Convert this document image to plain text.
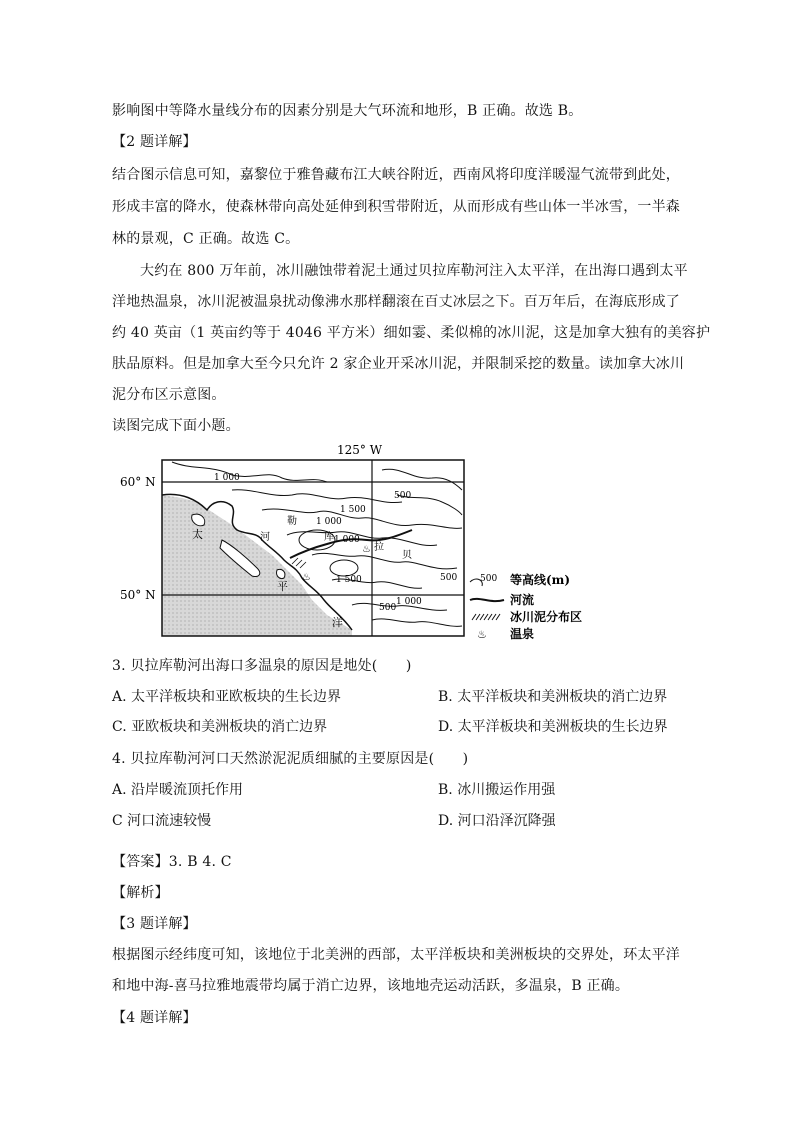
影响图中等降水量线分布的因素分别是大气环流和地形，B 正确。故选 B。
【2 题详解】
结合图示信息可知，嘉黎位于雅鲁藏布江大峡谷附近，西南风将印度洋暖湿气流带到此处，
形成丰富的降水，使森林带向高处延伸到积雪带附近，从而形成有些山体一半冰雪，一半森
林的景观，C 正确。故选 C。
大约在 800 万年前，冰川融蚀带着泥土通过贝拉库勒河注入太平洋，在出海口遇到太平
洋地热温泉，冰川泥被温泉扰动像沸水那样翻滚在百丈冰层之下。百万年后，在海底形成了
约 40 英亩（1 英亩约等于 4046 平方米）细如霎、柔似棉的冰川泥，这是加拿大独有的美容护
肤品原料。但是加拿大至今只允许 2 家企业开采冰川泥，并限制采挖的数量。读加拿大冰川
泥分布区示意图。
读图完成下面小题。
♨
♨
125° W
60° N
50° N
1 000
500
1 500
1 000
1 000
1 500
500
1 000
500
太
平
洋
河
勒
库
拉
贝
500 等高线(m)
河流
冰川泥分布区
♨ 温泉
3. 贝拉库勒河出海口多温泉的原因是地处(　　)
A. 太平洋板块和亚欧板块的生长边界	B. 太平洋板块和美洲板块的消亡边界
C. 亚欧板块和美洲板块的消亡边界	D. 太平洋板块和美洲板块的生长边界
4. 贝拉库勒河河口天然淤泥泥质细腻的主要原因是(　　)
A. 沿岸暖流顶托作用	B. 冰川搬运作用强
C 河口流速较慢	D. 河口沿泽沉降强
【答案】3. B 4. C
【解析】
【3 题详解】
根据图示经纬度可知，该地位于北美洲的西部，太平洋板块和美洲板块的交界处，环太平洋
和地中海-喜马拉雅地震带均属于消亡边界，该地地壳运动活跃，多温泉，B 正确。
【4 题详解】
